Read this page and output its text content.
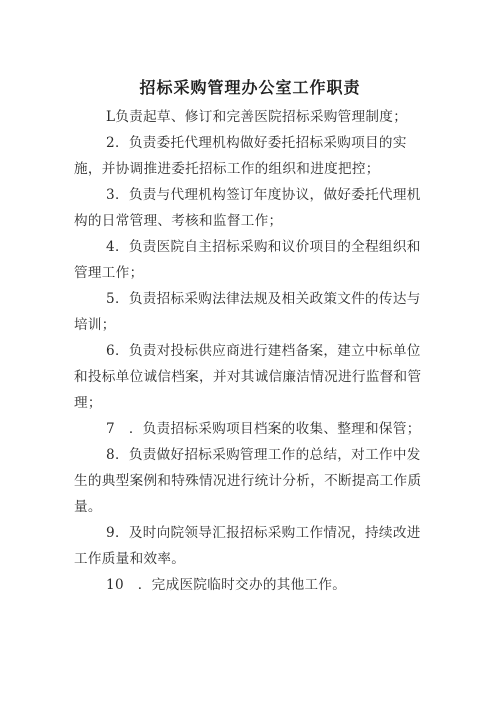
招标采购管理办公室工作职责

L负责起草、修订和完善医院招标采购管理制度；

2．负责委托代理机构做好委托招标采购项目的实施，并协调推进委托招标工作的组织和进度把控；

3．负责与代理机构签订年度协议，做好委托代理机构的日常管理、考核和监督工作；

4．负责医院自主招标采购和议价项目的全程组织和管理工作；

5．负责招标采购法律法规及相关政策文件的传达与培训；

6．负责对投标供应商进行建档备案，建立中标单位和投标单位诚信档案，并对其诚信廉洁情况进行监督和管理；

7　．负责招标采购项目档案的收集、整理和保管；

8．负责做好招标采购管理工作的总结，对工作中发生的典型案例和特殊情况进行统计分析，不断提高工作质量。

9．及时向院领导汇报招标采购工作情况，持续改进工作质量和效率。

10　．完成医院临时交办的其他工作。
